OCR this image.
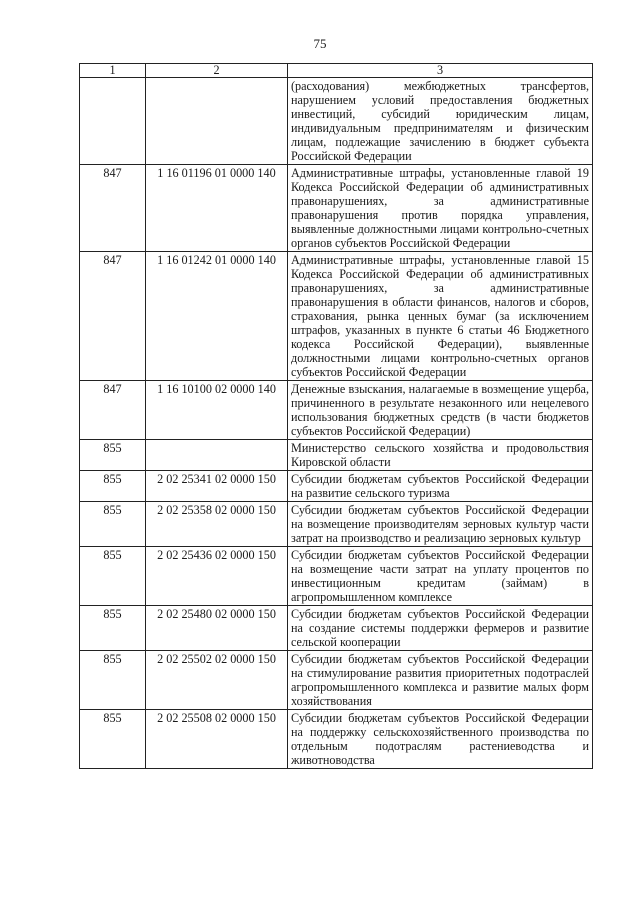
75
1	2	3
		(расходования) межбюджетных трансфертов, нарушением условий предоставления бюджетных инвестиций, субсидий юридическим лицам, индивидуальным предпринимателям и физическим лицам, подлежащие зачислению в бюджет субъекта Российской Федерации
847	1 16 01196 01 0000 140	Административные штрафы, установленные главой 19 Кодекса Российской Федерации об административных правонарушениях, за административные правонарушения против порядка управления, выявленные должностными лицами контрольно-счетных органов субъектов Российской Федерации
847	1 16 01242 01 0000 140	Административные штрафы, установленные главой 15 Кодекса Российской Федерации об административных правонарушениях, за административные правонарушения в области финансов, налогов и сборов, страхования, рынка ценных бумаг (за исключением штрафов, указанных в пункте 6 статьи 46 Бюджетного кодекса Российской Федерации), выявленные должностными лицами контрольно-счетных органов субъектов Российской Федерации
847	1 16 10100 02 0000 140	Денежные взыскания, налагаемые в возмещение ущерба, причиненного в результате незаконного или нецелевого использования бюджетных средств (в части бюджетов субъектов Российской Федерации)
855		Министерство сельского хозяйства и продовольствия Кировской области
855	2 02 25341 02 0000 150	Субсидии бюджетам субъектов Российской Федерации на развитие сельского туризма
855	2 02 25358 02 0000 150	Субсидии бюджетам субъектов Российской Федерации на возмещение производителям зерновых культур части затрат на производство и реализацию зерновых культур
855	2 02 25436 02 0000 150	Субсидии бюджетам субъектов Российской Федерации на возмещение части затрат на уплату процентов по инвестиционным кредитам (займам) в агропромышленном комплексе
855	2 02 25480 02 0000 150	Субсидии бюджетам субъектов Российской Федерации на создание системы поддержки фермеров и развитие сельской кооперации
855	2 02 25502 02 0000 150	Субсидии бюджетам субъектов Российской Федерации на стимулирование развития приоритетных подотраслей агропромышленного комплекса и развитие малых форм хозяйствования
855	2 02 25508 02 0000 150	Субсидии бюджетам субъектов Российской Федерации на поддержку сельскохозяйственного производства по отдельным подотраслям растениеводства и животноводства
